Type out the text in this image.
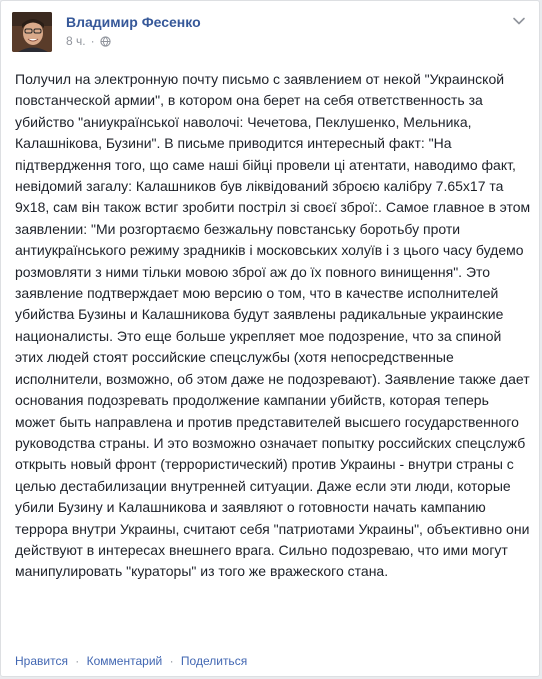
Владимир Фесенко
8 ч. ·
Получил на электронную почту письмо с заявлением от некой "Украинской повстанческой армии", в котором она берет на себя ответственность за убийство "аниукраїнської наволочі: Чечетова, Пеклушенко, Мельника, Калашнікова, Бузини". В письме приводится интересный факт: "На підтвердження того, що саме наші бійці провели ці атентати, наводимо факт, невідомий загалу: Калашников був ліквідований зброєю калібру 7.65х17 та 9х18, сам він також встиг зробити постріл зі своєї зброї:. Самое главное в этом заявлении: "Ми розгортаємо безжальну повстанську боротьбу проти антиукраїнського режиму зрадників і московських холуїв і з цього часу будемо розмовляти з ними тільки мовою зброї аж до їх повного винищення". Это заявление подтверждает мою версию о том, что в качестве исполнителей убийства Бузины и Калашникова будут заявлены радикальные украинские националисты. Это еще больше укрепляет мое подозрение, что за спиной этих людей стоят российские спецслужбы (хотя непосредственные исполнители, возможно, об этом даже не подозревают). Заявление также дает основания подозревать продолжение кампании убийств, которая теперь может быть направлена и против представителей высшего государственного руководства страны. И это возможно означает попытку российских спецслужб открыть новый фронт (террористический) против Украины - внутри страны с целью дестабилизации внутренней ситуации. Даже если эти люди, которые убили Бузину и Калашникова и заявляют о готовности начать кампанию террора внутри Украины, считают себя "патриотами Украины", объективно они действуют в интересах внешнего врага. Сильно подозреваю, что ими могут манипулировать "кураторы" из того же вражеского стана.
Нравится · Комментарий · Поделиться
